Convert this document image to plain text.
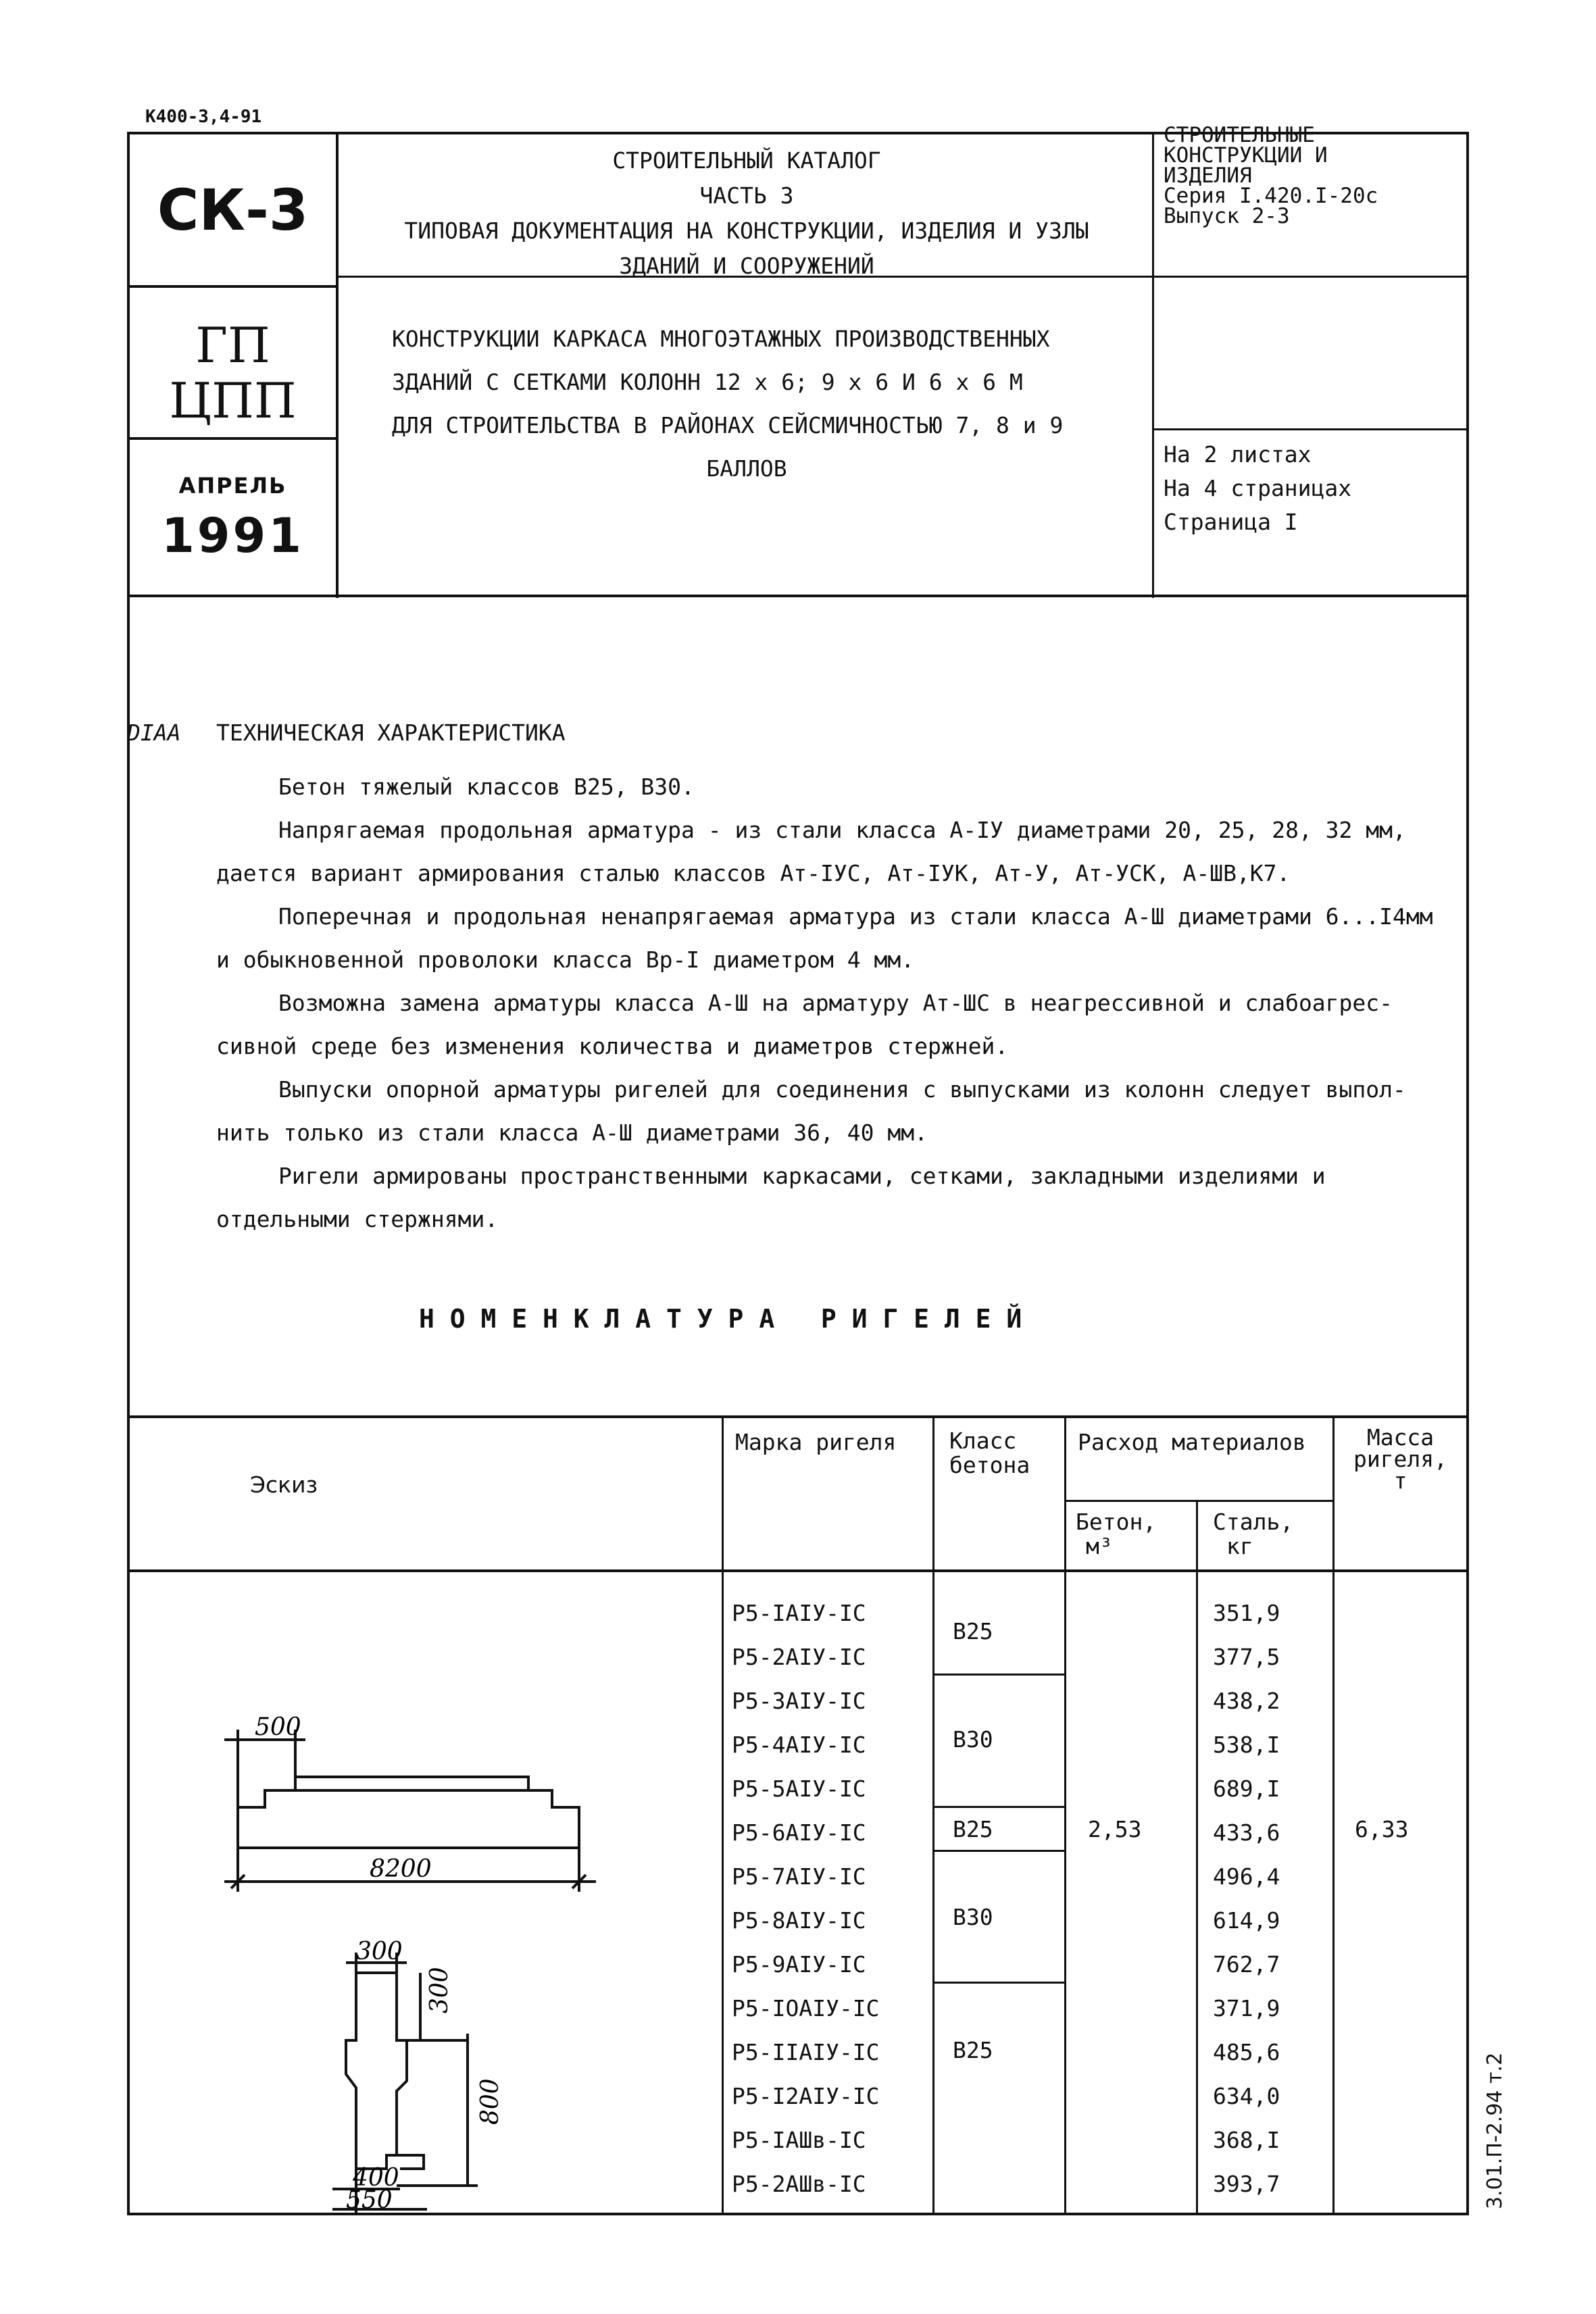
К400-3,4-91
СК-3
ГП
ЦПП
АПРЕЛЬ
1991
СТРОИТЕЛЬНЫЙ КАТАЛОГ
ЧАСТЬ 3
ТИПОВАЯ ДОКУМЕНТАЦИЯ НА КОНСТРУКЦИИ, ИЗДЕЛИЯ И УЗЛЫ
ЗДАНИЙ И СООРУЖЕНИЙ
СТРОИТЕЛЬНЫЕ
КОНСТРУКЦИИ И
ИЗДЕЛИЯ
Серия I.420.I-20с
Выпуск 2-3
КОНСТРУКЦИИ КАРКАСА МНОГОЭТАЖНЫХ ПРОИЗВОДСТВЕННЫХ
ЗДАНИЙ С СЕТКАМИ КОЛОНН 12 х 6; 9 х 6 И 6 х 6 М
ДЛЯ СТРОИТЕЛЬСТВА В РАЙОНАХ СЕЙСМИЧНОСТЬЮ 7, 8 и 9
БАЛЛОВ
На 2 листах
На 4 страницах
Страница I
DIAA ТЕХНИЧЕСКАЯ ХАРАКТЕРИСТИКА
Бетон тяжелый классов В25, В30.
Напрягаемая продольная арматура - из стали класса А-IУ диаметрами 20, 25, 28, 32 мм,
дается вариант армирования сталью классов Ат-IУС, Ат-IУК, Ат-У, Ат-УСК, А-ШВ,К7.
Поперечная и продольная ненапрягаемая арматура из стали класса А-Ш диаметрами 6...I4мм
и обыкновенной проволоки класса Вр-I диаметром 4 мм.
Возможна замена арматуры класса А-Ш на арматуру Ат-ШС в неагрессивной и слабоагрес-
сивной среде без изменения количества и диаметров стержней.
Выпуски опорной арматуры ригелей для соединения с выпусками из колонн следует выпол-
нить только из стали класса А-Ш диаметрами 36, 40 мм.
Ригели армированы пространственными каркасами, сетками, закладными изделиями и
отдельными стержнями.
Н О М Е Н К Л А Т У Р А   Р И Г Е Л Е Й
Эскиз
Марка ригеля Класс
бетона
Расход материалов
Бетон,
м³
Сталь,
кг
Масса
ригеля,
т
Р5-IАIУ-IС
Р5-2АIУ-IС
Р5-3АIУ-IС
Р5-4АIУ-IС
Р5-5АIУ-IС
Р5-6АIУ-IС
Р5-7АIУ-IС
Р5-8АIУ-IС
Р5-9АIУ-IС
Р5-IОАIУ-IС
Р5-IIАIУ-IС
Р5-I2АIУ-IС
Р5-IАШв-IС
Р5-2АШв-IС
351,9
377,5
438,2
538,I
689,I
433,6
496,4
614,9
762,7
371,9
485,6
634,0
368,I
393,7
В25
В30
В25
В30
В25
2,53	6,33
500
8200
300
300
800
400
550	3.01.П-2.94 т.2
